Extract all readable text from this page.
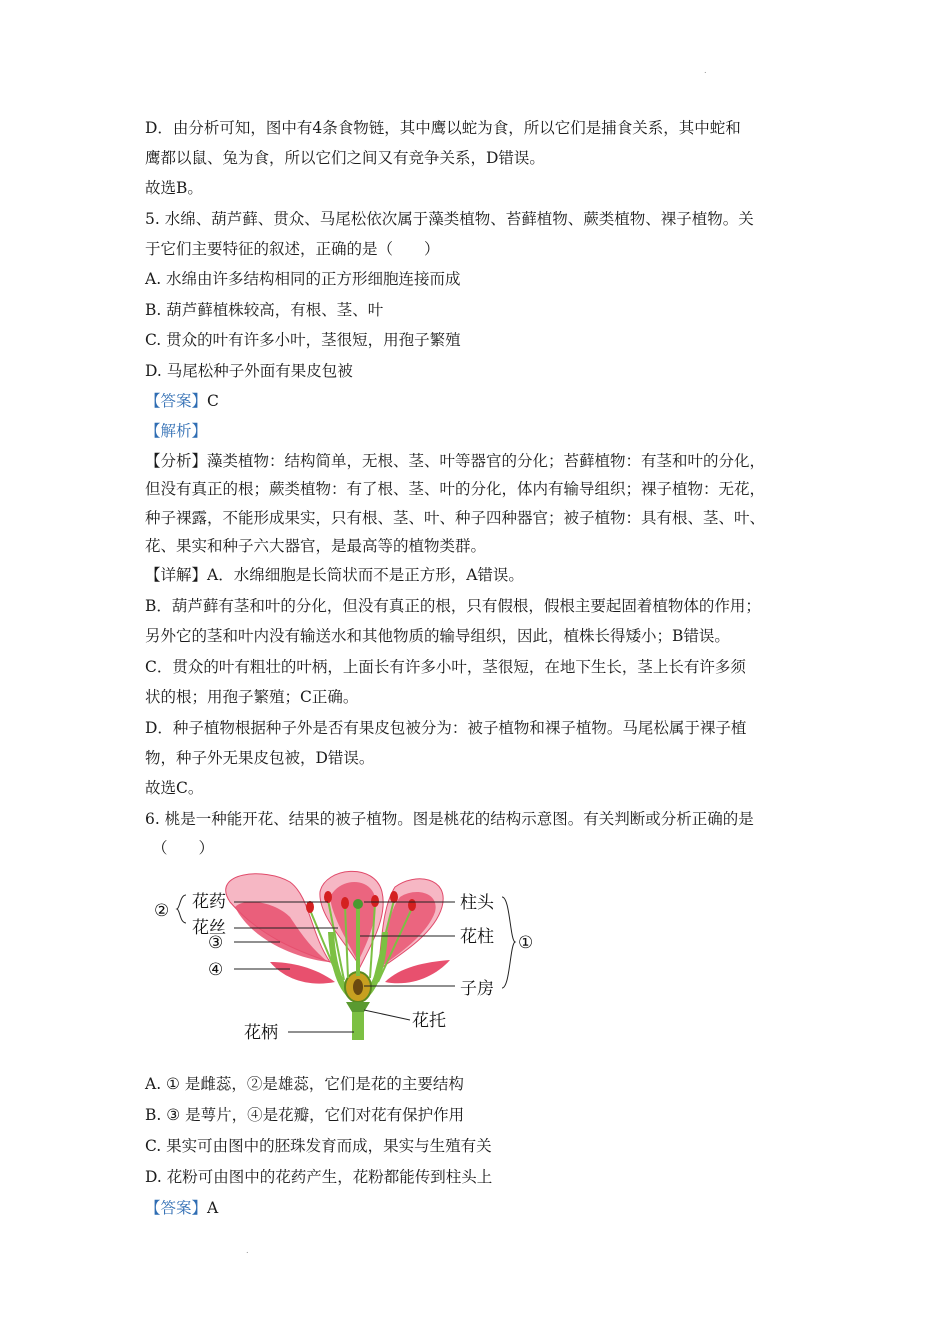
.
D．由分析可知，图中有4条食物链，其中鹰以蛇为食，所以它们是捕食关系，其中蛇和
鹰都以鼠、兔为食，所以它们之间又有竞争关系，D错误。
故选B。
5. 水绵、葫芦藓、贯众、马尾松依次属于藻类植物、苔藓植物、蕨类植物、裸子植物。关
于它们主要特征的叙述，正确的是（　　）
A. 水绵由许多结构相同的正方形细胞连接而成
B. 葫芦藓植株较高，有根、茎、叶
C. 贯众的叶有许多小叶，茎很短，用孢子繁殖
D. 马尾松种子外面有果皮包被
【答案】C
【解析】
【分析】藻类植物：结构简单，无根、茎、叶等器官的分化；苔藓植物：有茎和叶的分化，
但没有真正的根；蕨类植物：有了根、茎、叶的分化，体内有输导组织；裸子植物：无花，
种子裸露，不能形成果实，只有根、茎、叶、种子四种器官；被子植物：具有根、茎、叶、
花、果实和种子六大器官，是最高等的植物类群。
【详解】A．水绵细胞是长筒状而不是正方形，A错误。
B．葫芦藓有茎和叶的分化，但没有真正的根，只有假根，假根主要起固着植物体的作用；
另外它的茎和叶内没有输送水和其他物质的输导组织，因此，植株长得矮小；B错误。
C．贯众的叶有粗壮的叶柄，上面长有许多小叶，茎很短，在地下生长，茎上长有许多须
状的根；用孢子繁殖；C正确。
D．种子植物根据种子外是否有果皮包被分为：被子植物和裸子植物。马尾松属于裸子植
物，种子外无果皮包被，D错误。
故选C。
6. 桃是一种能开花、结果的被子植物。图是桃花的结构示意图。有关判断或分析正确的是
（　　）
② 花药
花丝
③
④
柱头
花柱 ①
子房
花托
花柄
A. ① 是雌蕊，②是雄蕊，它们是花的主要结构
B. ③ 是萼片，④是花瓣，它们对花有保护作用
C. 果实可由图中的胚珠发育而成，果实与生殖有关
D. 花粉可由图中的花药产生，花粉都能传到柱头上
【答案】A
.
